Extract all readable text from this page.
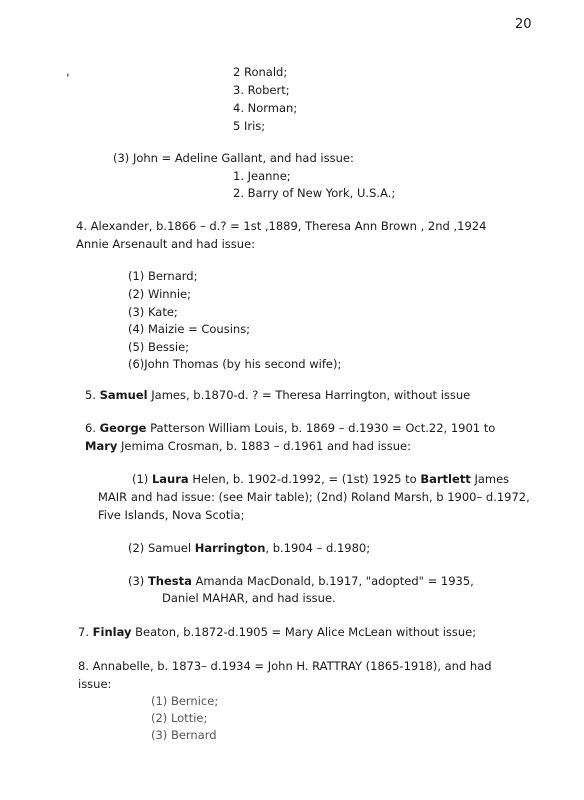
20
,	2 Ronald;
3. Robert;
4. Norman;
5 Iris;
(3) John = Adeline Gallant, and had issue:
1. Jeanne;
2. Barry of New York, U.S.A.;
4. Alexander, b.1866 – d.? = 1st ,1889, Theresa Ann Brown , 2nd ,1924
Annie Arsenault and had issue:
(1) Bernard;
(2) Winnie;
(3) Kate;
(4) Maizie = Cousins;
(5) Bessie;
(6)John Thomas (by his second wife);
5. Samuel James, b.1870-d. ? = Theresa Harrington, without issue
6. George Patterson William Louis, b. 1869 – d.1930 = Oct.22, 1901 to
Mary Jemima Crosman, b. 1883 – d.1961 and had issue:
(1) Laura Helen, b. 1902-d.1992, = (1st) 1925 to Bartlett James
MAIR and had issue: (see Mair table); (2nd) Roland Marsh, b 1900– d.1972,
Five Islands, Nova Scotia;
(2) Samuel Harrington, b.1904 – d.1980;
(3) Thesta Amanda MacDonald, b.1917, "adopted" = 1935,
Daniel MAHAR, and had issue.
7. Finlay Beaton, b.1872-d.1905 = Mary Alice McLean without issue;
8. Annabelle, b. 1873– d.1934 = John H. RATTRAY (1865-1918), and had
issue:
(1) Bernice;
(2) Lottie;
(3) Bernard
